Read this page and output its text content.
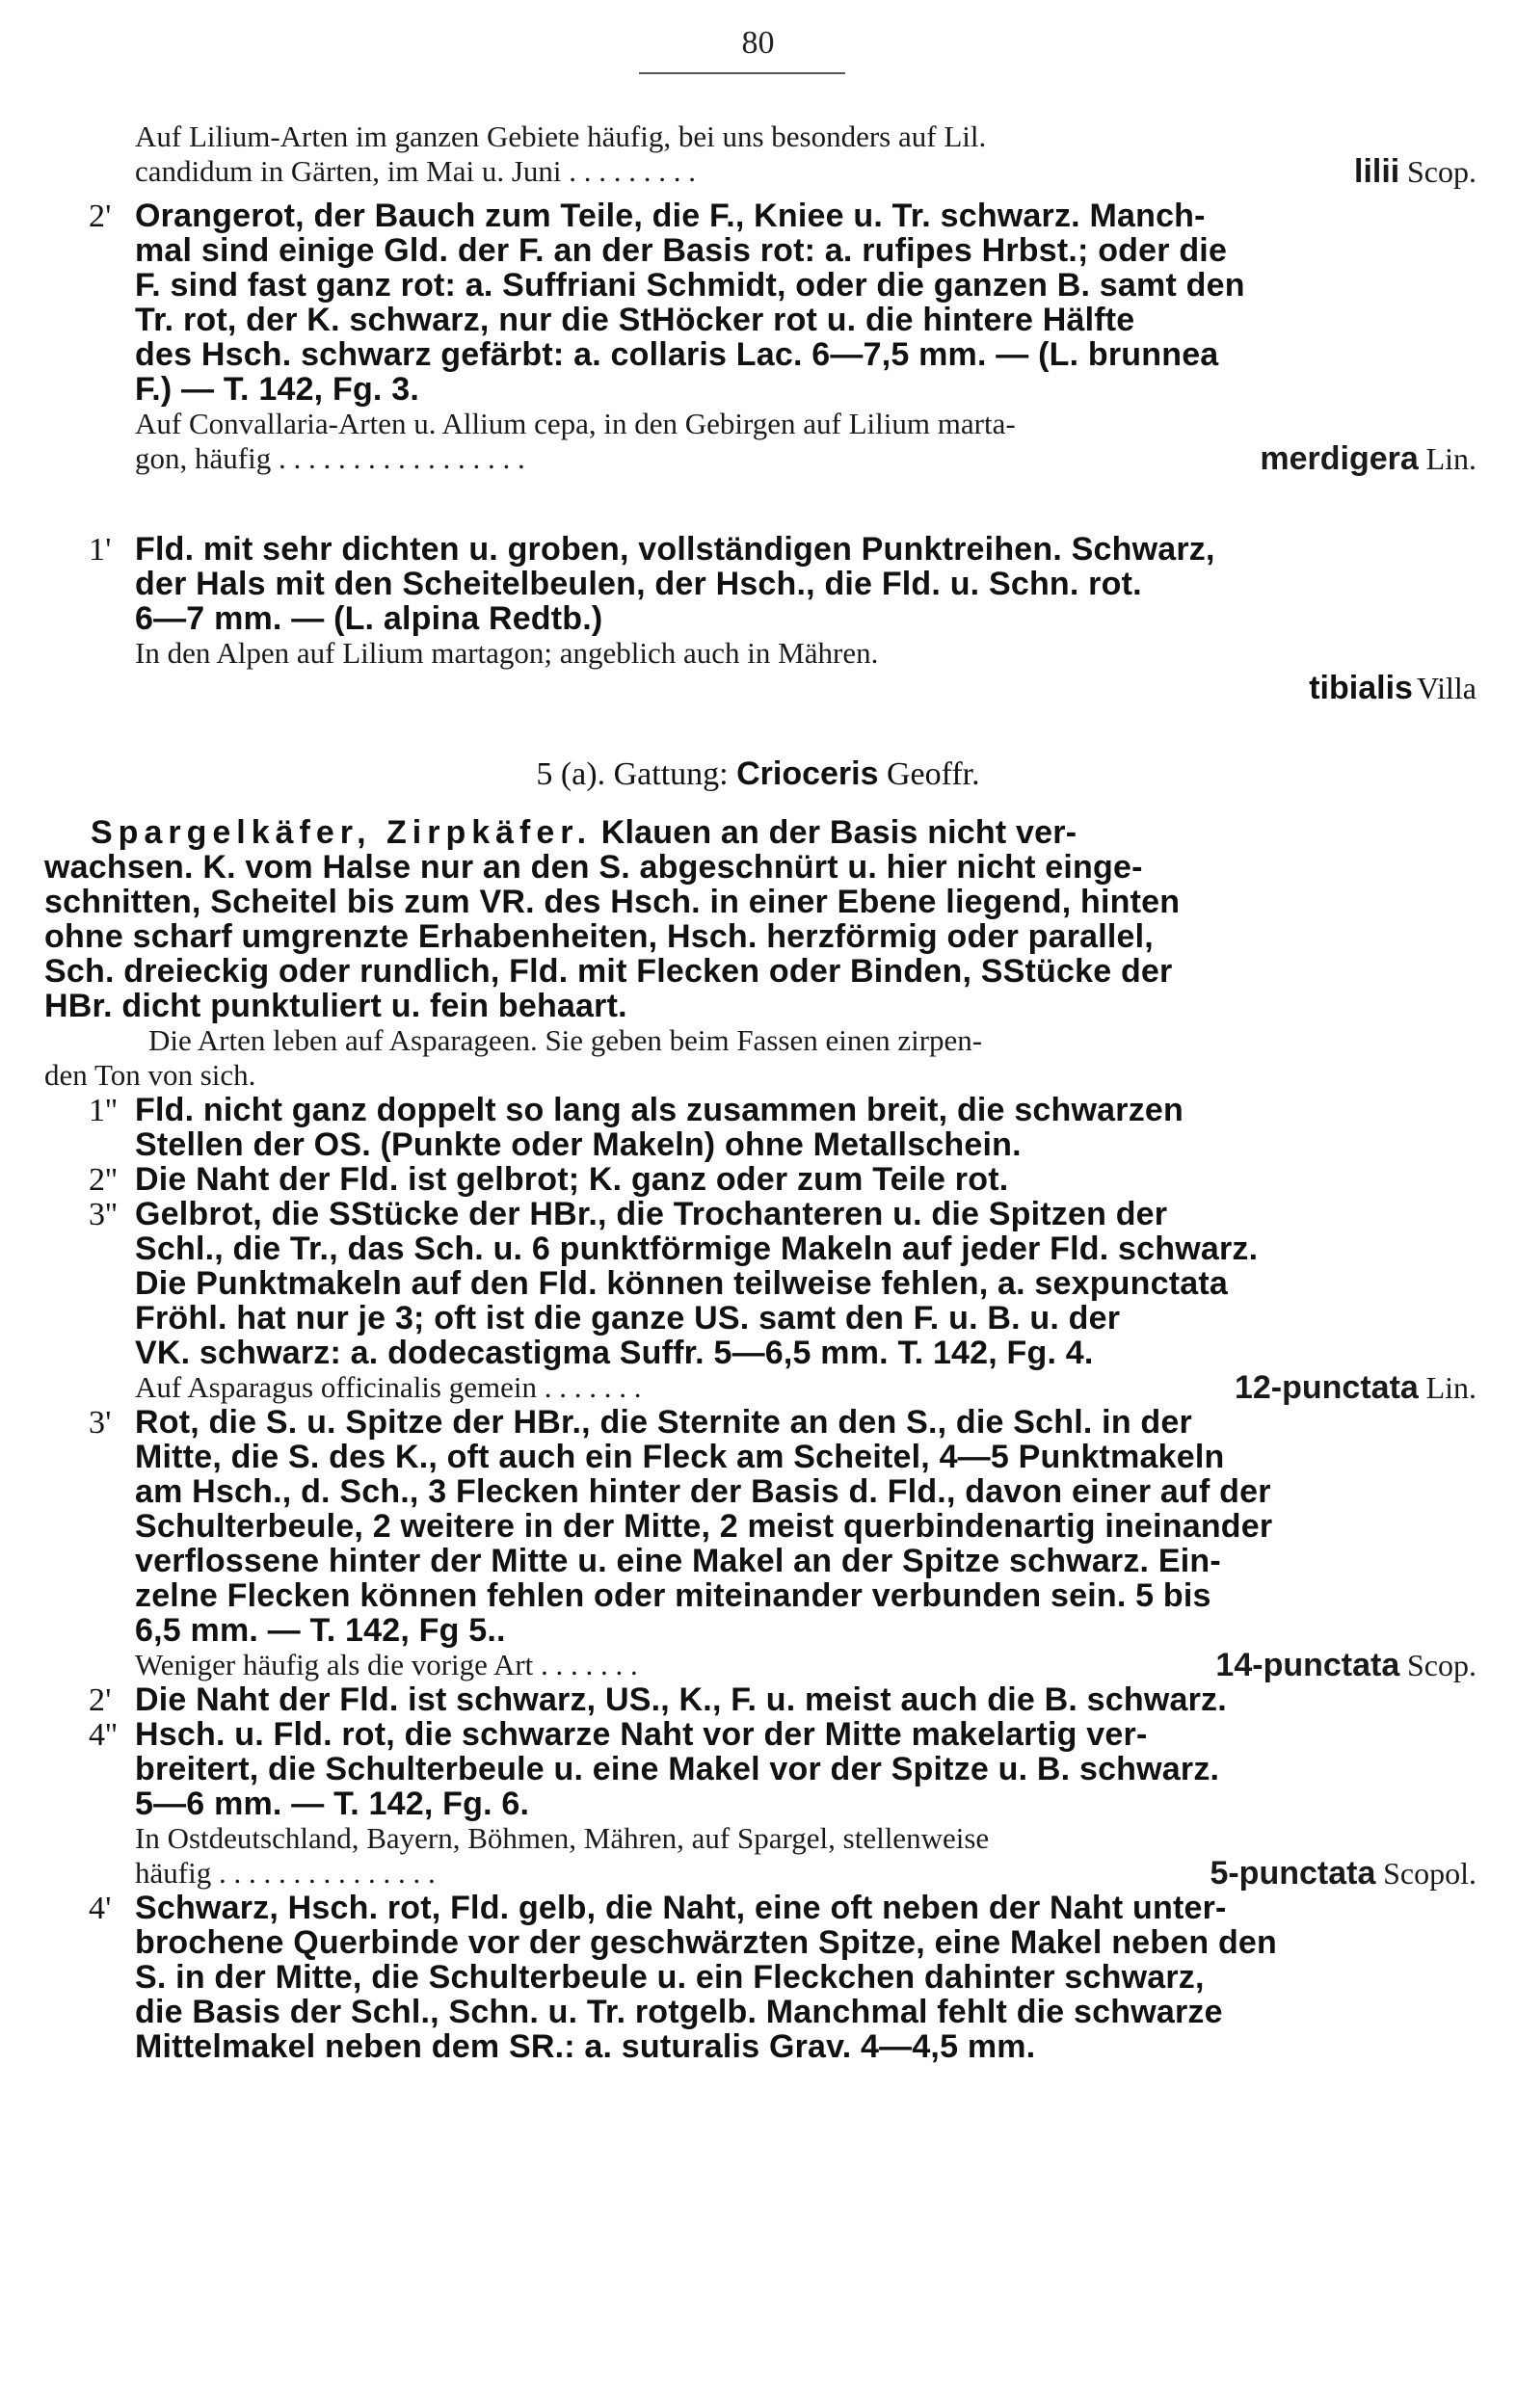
80
Auf Lilium-Arten im ganzen Gebiete häufig, bei uns besonders auf Lil.
candidum in Gärten, im Mai u. Juni . . . . . . . . .	lilii Scop.
2' Orangerot, der Bauch zum Teile, die F., Kniee u. Tr. schwarz. Manch-
mal sind einige Gld. der F. an der Basis rot: a. rufipes Hrbst.; oder die
F. sind fast ganz rot: a. Suffriani Schmidt, oder die ganzen B. samt den
Tr. rot, der K. schwarz, nur die StHöcker rot u. die hintere Hälfte
des Hsch. schwarz gefärbt: a. collaris Lac. 6—7,5 mm. — (L. brunnea
F.) — T. 142, Fg. 3.
Auf Convallaria-Arten u. Allium cepa, in den Gebirgen auf Lilium marta-
gon, häufig . . . . . . . . . . . . . . . . .	merdigera Lin.
1' Fld. mit sehr dichten u. groben, vollständigen Punktreihen. Schwarz,
der Hals mit den Scheitelbeulen, der Hsch., die Fld. u. Schn. rot.
6—7 mm. — (L. alpina Redtb.)
In den Alpen auf Lilium martagon; angeblich auch in Mähren.
tibialis Villa
5 (a). Gattung: Crioceris Geoffr.
Spargelkäfer, Zirpkäfer. Klauen an der Basis nicht ver-
wachsen. K. vom Halse nur an den S. abgeschnürt u. hier nicht einge-
schnitten, Scheitel bis zum VR. des Hsch. in einer Ebene liegend, hinten
ohne scharf umgrenzte Erhabenheiten, Hsch. herzförmig oder parallel,
Sch. dreieckig oder rundlich, Fld. mit Flecken oder Binden, SStücke der
HBr. dicht punktuliert u. fein behaart.
Die Arten leben auf Asparageen. Sie geben beim Fassen einen zirpen-
den Ton von sich.
1'' Fld. nicht ganz doppelt so lang als zusammen breit, die schwarzen
Stellen der OS. (Punkte oder Makeln) ohne Metallschein.
2'' Die Naht der Fld. ist gelbrot; K. ganz oder zum Teile rot.
3'' Gelbrot, die SStücke der HBr., die Trochanteren u. die Spitzen der
Schl., die Tr., das Sch. u. 6 punktförmige Makeln auf jeder Fld. schwarz.
Die Punktmakeln auf den Fld. können teilweise fehlen, a. sexpunctata
Fröhl. hat nur je 3; oft ist die ganze US. samt den F. u. B. u. der
VK. schwarz: a. dodecastigma Suffr. 5—6,5 mm. T. 142, Fg. 4.
Auf Asparagus officinalis gemein . . . . . . .	12-punctata Lin.
3' Rot, die S. u. Spitze der HBr., die Sternite an den S., die Schl. in der
Mitte, die S. des K., oft auch ein Fleck am Scheitel, 4—5 Punktmakeln
am Hsch., d. Sch., 3 Flecken hinter der Basis d. Fld., davon einer auf der
Schulterbeule, 2 weitere in der Mitte, 2 meist querbindenartig ineinander
verflossene hinter der Mitte u. eine Makel an der Spitze schwarz. Ein-
zelne Flecken können fehlen oder miteinander verbunden sein. 5 bis
6,5 mm. — T. 142, Fg 5..
Weniger häufig als die vorige Art . . . . . . .	14-punctata Scop.
2' Die Naht der Fld. ist schwarz, US., K., F. u. meist auch die B. schwarz.
4'' Hsch. u. Fld. rot, die schwarze Naht vor der Mitte makelartig ver-
breitert, die Schulterbeule u. eine Makel vor der Spitze u. B. schwarz.
5—6 mm. — T. 142, Fg. 6.
In Ostdeutschland, Bayern, Böhmen, Mähren, auf Spargel, stellenweise
häufig . . . . . . . . . . . . . . .	5-punctata Scopol.
4' Schwarz, Hsch. rot, Fld. gelb, die Naht, eine oft neben der Naht unter-
brochene Querbinde vor der geschwärzten Spitze, eine Makel neben den
S. in der Mitte, die Schulterbeule u. ein Fleckchen dahinter schwarz,
die Basis der Schl., Schn. u. Tr. rotgelb. Manchmal fehlt die schwarze
Mittelmakel neben dem SR.: a. suturalis Grav. 4—4,5 mm.
